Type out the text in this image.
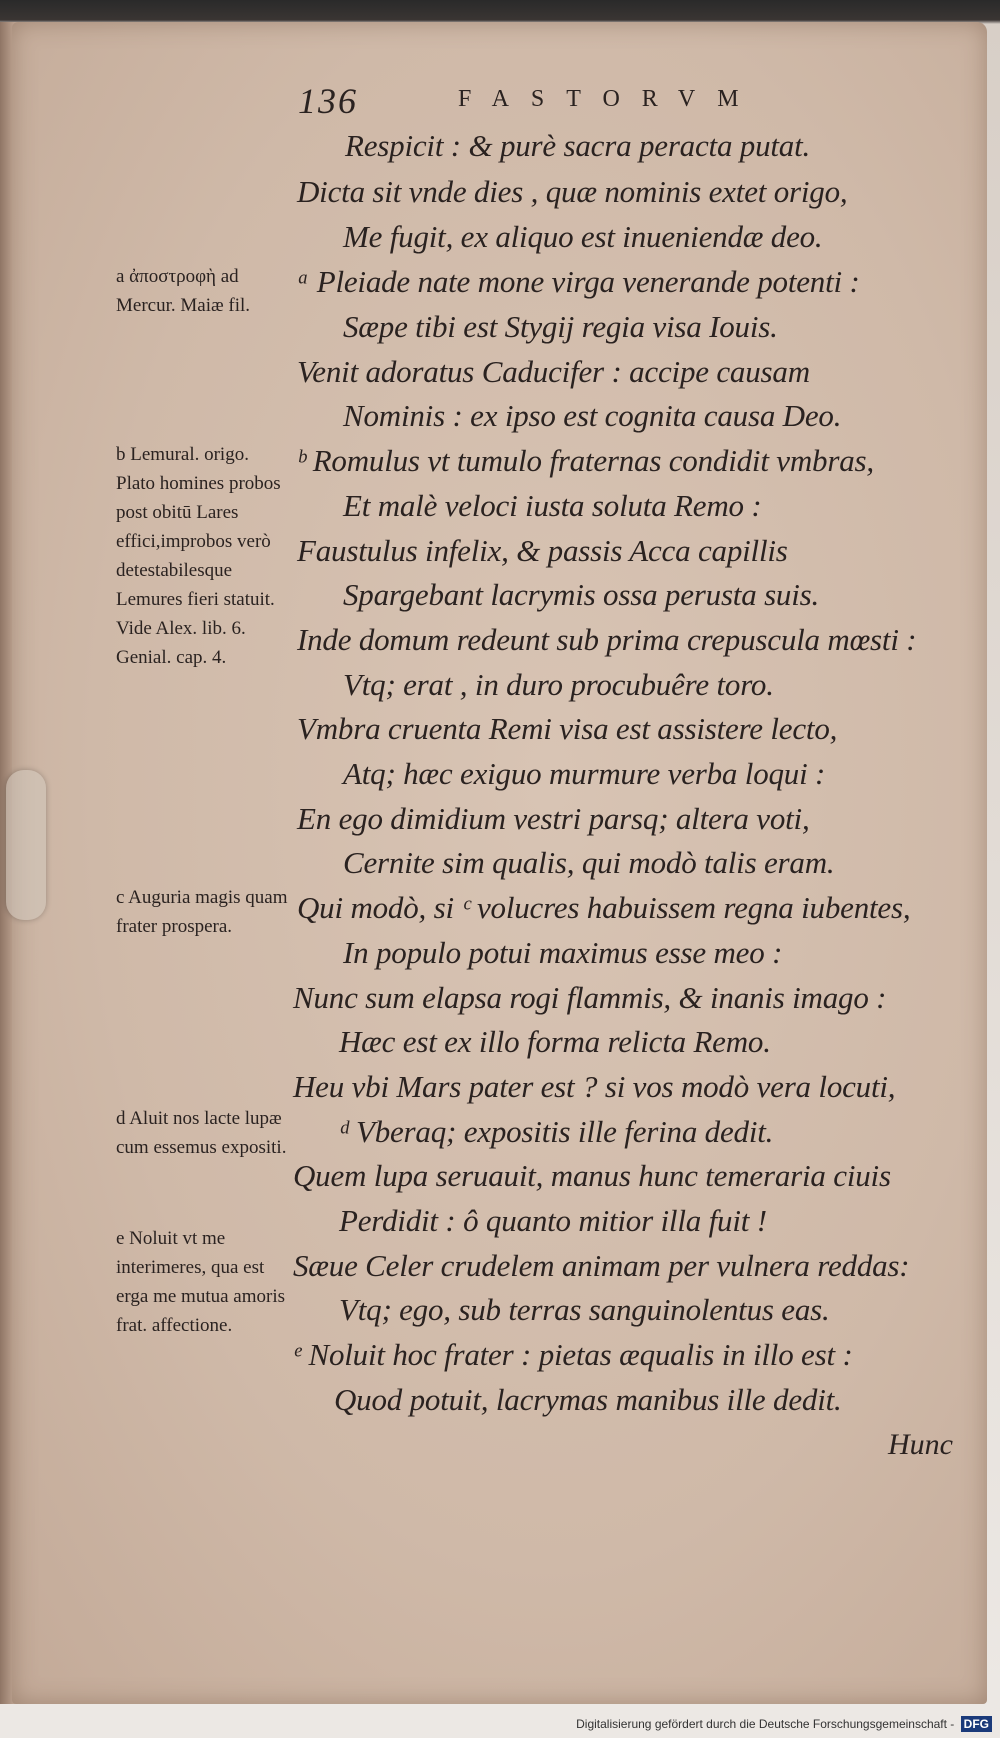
136	FASTORVM
Respicit : & purè sacra peracta putat.
Dicta sit vnde dies , quæ nominis extet origo,
Me fugit, ex aliquo est inueniendæ deo.
ᵃ Pleiade nate mone virga venerande potenti :
Sæpe tibi est Stygij regia visa Iouis.
Venit adoratus Caducifer : accipe causam
Nominis : ex ipso est cognita causa Deo.
ᵇ Romulus vt tumulo fraternas condidit vmbras,
Et malè veloci iusta soluta Remo :
Faustulus infelix, & passis Acca capillis
Spargebant lacrymis ossa perusta suis.
Inde domum redeunt sub prima crepuscula mœsti :
Vtq; erat , in duro procubuêre toro.
Vmbra cruenta Remi visa est assistere lecto,
Atq; hæc exiguo murmure verba loqui :
En ego dimidium vestri parsq; altera voti,
Cernite sim qualis, qui modò talis eram.
Qui modò, si ᶜ volucres habuissem regna iubentes,
In populo potui maximus esse meo :
Nunc sum elapsa rogi flammis, & inanis imago :
Hæc est ex illo forma relicta Remo.
Heu vbi Mars pater est ? si vos modò vera locuti,
ᵈ Vberaq; expositis ille ferina dedit.
Quem lupa seruauit, manus hunc temeraria ciuis
Perdidit : ô quanto mitior illa fuit !
Sæue Celer crudelem animam per vulnera reddas:
Vtq; ego, sub terras sanguinolentus eas.
ᵉ Noluit hoc frater : pietas æqualis in illo est :
Quod potuit, lacrymas manibus ille dedit.
a ἀποστροφὴ ad Mercur. Maiæ fil.
b Lemural. origo. Plato homines probos post obitū Lares effici,improbos verò detestabilesque Lemures fieri statuit. Vide Alex. lib. 6. Genial. cap. 4.
c Auguria magis quam frater prospera.
d Aluit nos lacte lupæ cum essemus expositi.
e Noluit vt me interimeres, qua est erga me mutua amoris frat. affectione.
Hunc
Digitalisierung gefördert durch die Deutsche Forschungsgemeinschaft - DFG
